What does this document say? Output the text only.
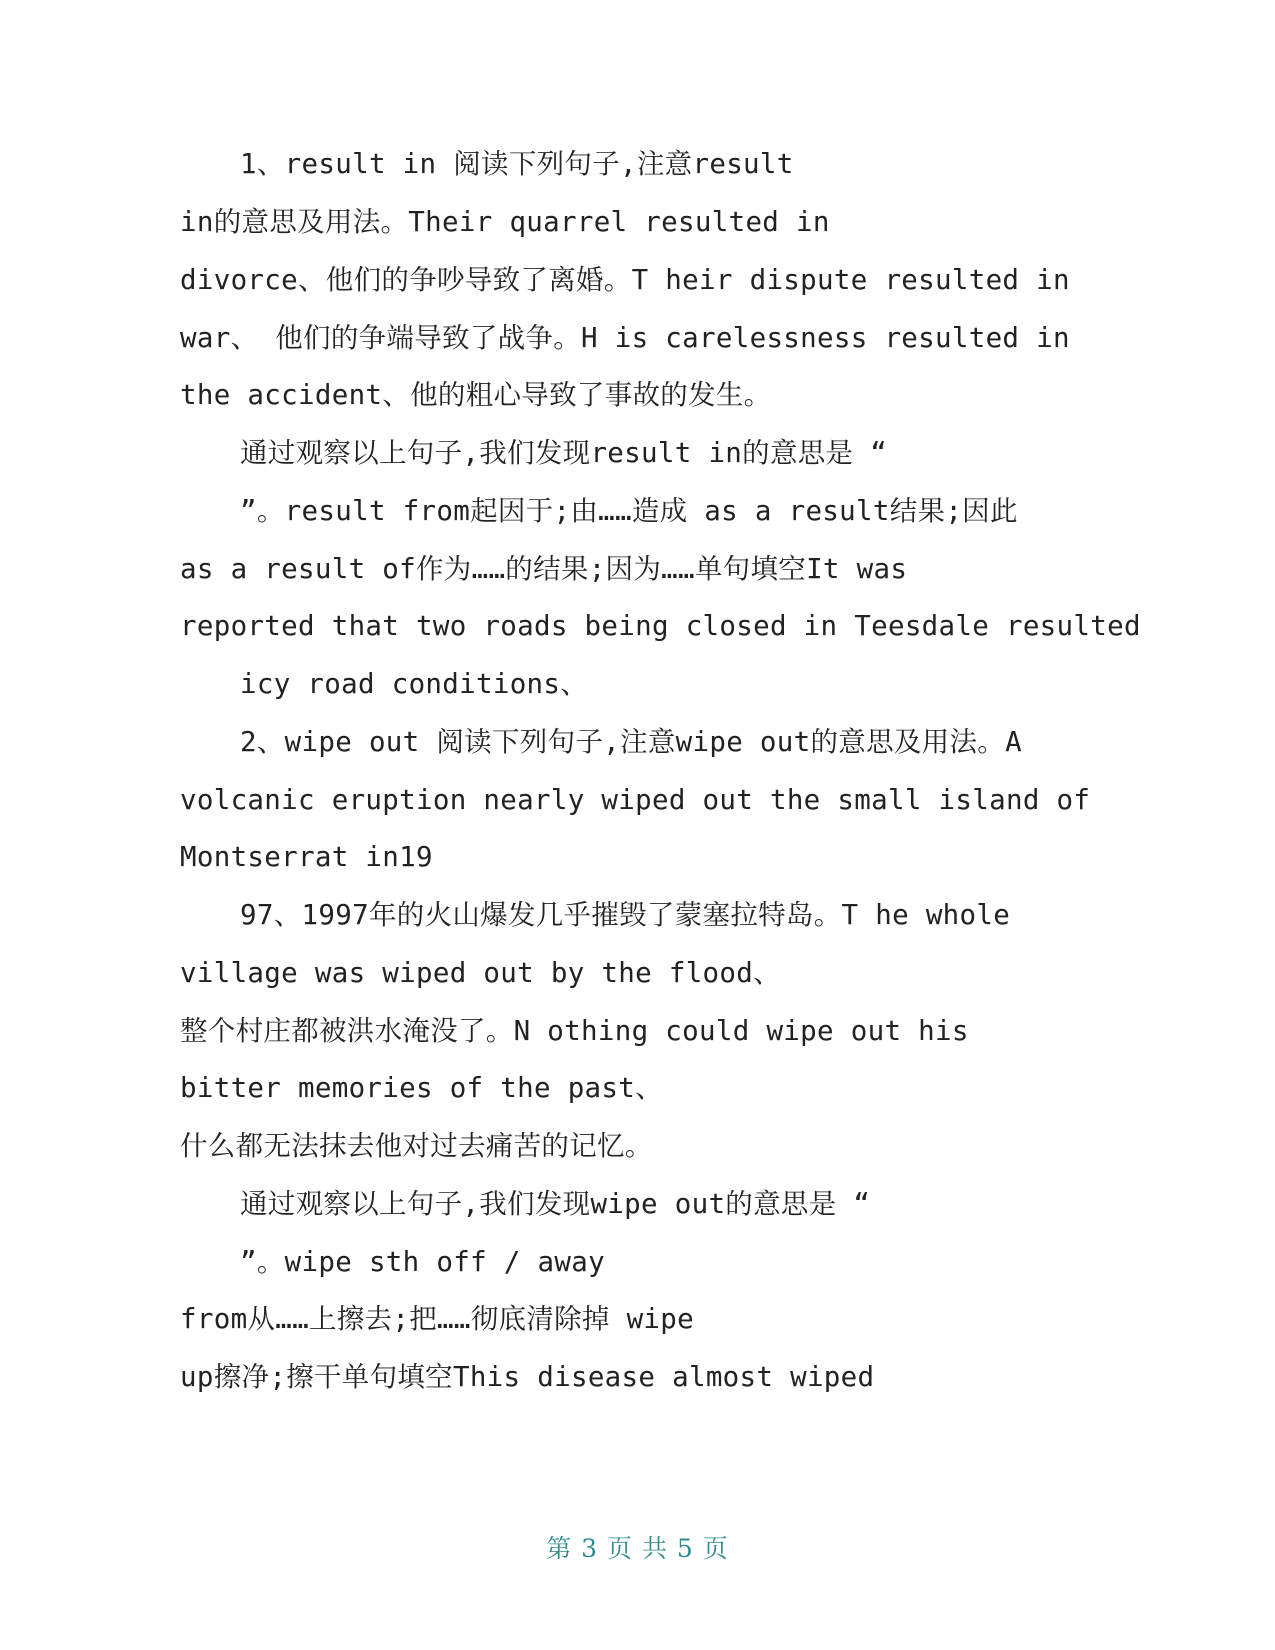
1、result in 阅读下列句子,注意result
in的意思及用法。Their quarrel resulted in
divorce、他们的争吵导致了离婚。T heir dispute resulted in
war、 他们的争端导致了战争。H is carelessness resulted in
the accident、他的粗心导致了事故的发生。
通过观察以上句子,我们发现result in的意思是 “
”。result from起因于;由……造成 as a result结果;因此
as a result of作为……的结果;因为……单句填空It was
reported that two roads being closed in Teesdale resulted
icy road conditions、
2、wipe out 阅读下列句子,注意wipe out的意思及用法。A
volcanic eruption nearly wiped out the small island of
Montserrat in19
97、1997年的火山爆发几乎摧毁了蒙塞拉特岛。T he whole
village was wiped out by the flood、
整个村庄都被洪水淹没了。N othing could wipe out his
bitter memories of the past、
什么都无法抹去他对过去痛苦的记忆。
通过观察以上句子,我们发现wipe out的意思是 “
”。wipe sth off / away
from从……上擦去;把……彻底清除掉 wipe
up擦净;擦干单句填空This disease almost wiped
第 3 页 共 5 页
